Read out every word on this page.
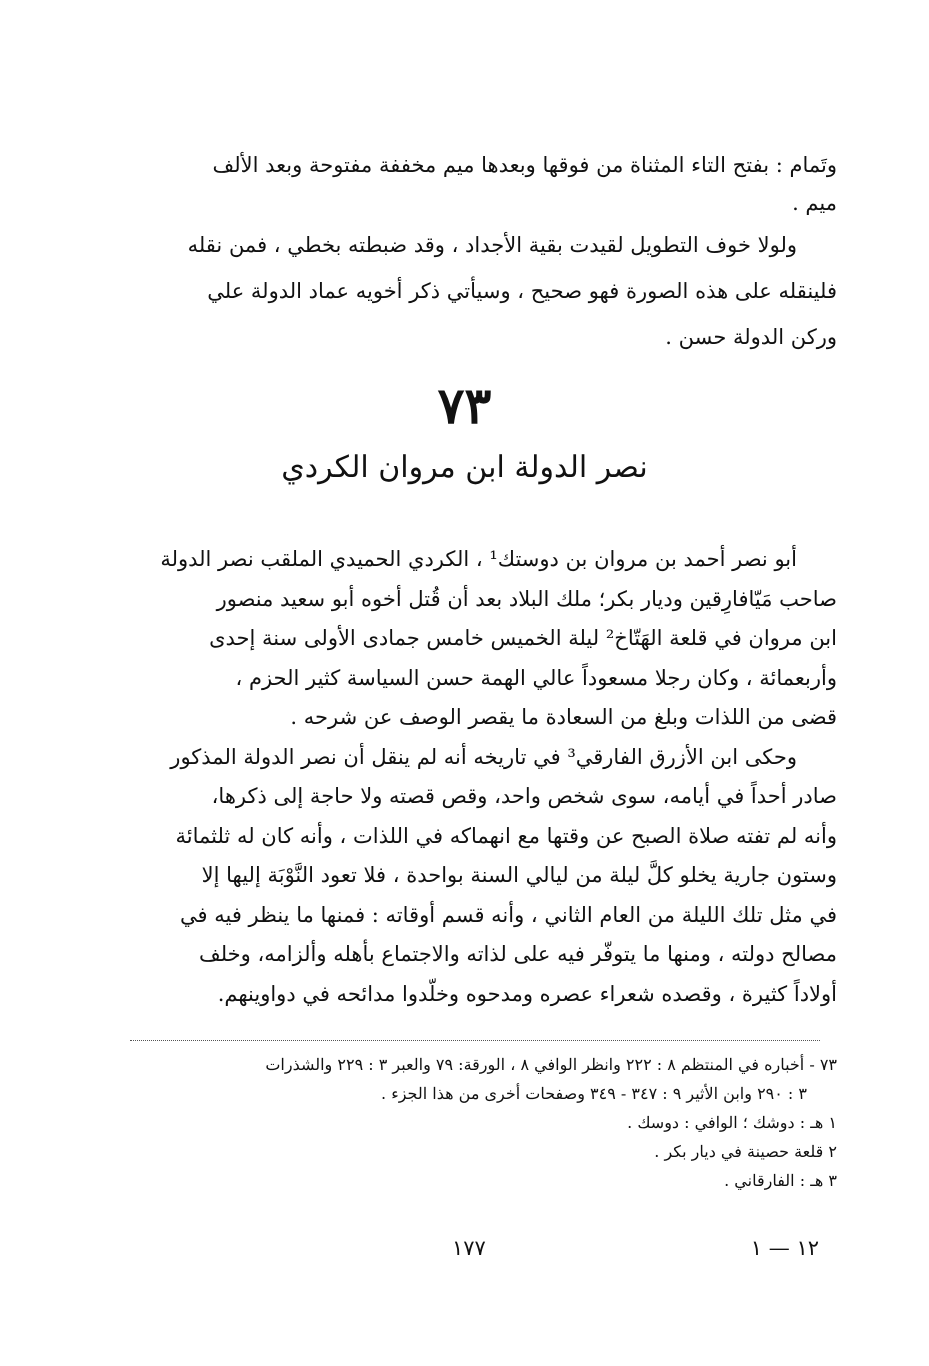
وتَمام : بفتح التاء المثناة من فوقها وبعدها ميم مخففة مفتوحة وبعد الألف
ميم .
ولولا خوف التطويل لقيدت بقية الأجداد ، وقد ضبطته بخطي ، فمن نقله
فلينقله على هذه الصورة فهو صحيح ، وسيأتي ذكر أخويه عماد الدولة علي
وركن الدولة حسن .
٧٣
نصر الدولة ابن مروان الكردي

أبو نصر أحمد بن مروان بن دوستك¹ ، الكردي الحميدي الملقب نصر الدولة
صاحب مَيّافارِقين وديار بكر؛ ملك البلاد بعد أن قُتل أخوه أبو سعيد منصور
ابن مروان في قلعة الهَتّاخ² ليلة الخميس خامس جمادى الأولى سنة إحدى
وأربعمائة ، وكان رجلا مسعوداً عالي الهمة حسن السياسة كثير الحزم ،
قضى من اللذات وبلغ من السعادة ما يقصر الوصف عن شرحه .

وحكى ابن الأزرق الفارقي³ في تاريخه أنه لم ينقل أن نصر الدولة المذكور
صادر أحداً في أيامه، سوى شخص واحد، وقص قصته ولا حاجة إلى ذكرها،
وأنه لم تفته صلاة الصبح عن وقتها مع انهماكه في اللذات ، وأنه كان له ثلثمائة
وستون جارية يخلو كلَّ ليلة من ليالي السنة بواحدة ، فلا تعود النَّوْبَة إليها إلا
في مثل تلك الليلة من العام الثاني ، وأنه قسم أوقاته : فمنها ما ينظر فيه في
مصالح دولته ، ومنها ما يتوفّر فيه على لذاته والاجتماع بأهله وألزامه، وخلف
أولاداً كثيرة ، وقصده شعراء عصره ومدحوه وخلّدوا مدائحه في دواوينهم.

٧٣ - أخباره في المنتظم ٨ : ٢٢٢ وانظر الوافي ٨ ، الورقة: ٧٩ والعبر ٣ : ٢٢٩ والشذرات
٣ : ٢٩٠ وابن الأثير ٩ : ٣٤٧ - ٣٤٩ وصفحات أخرى من هذا الجزء .
١ هـ : دوشك ؛ الوافي : دوسك .
٢ قلعة حصينة في ديار بكر .
٣ هـ : الفارقاني .
١٧٧	١٢ — ١
